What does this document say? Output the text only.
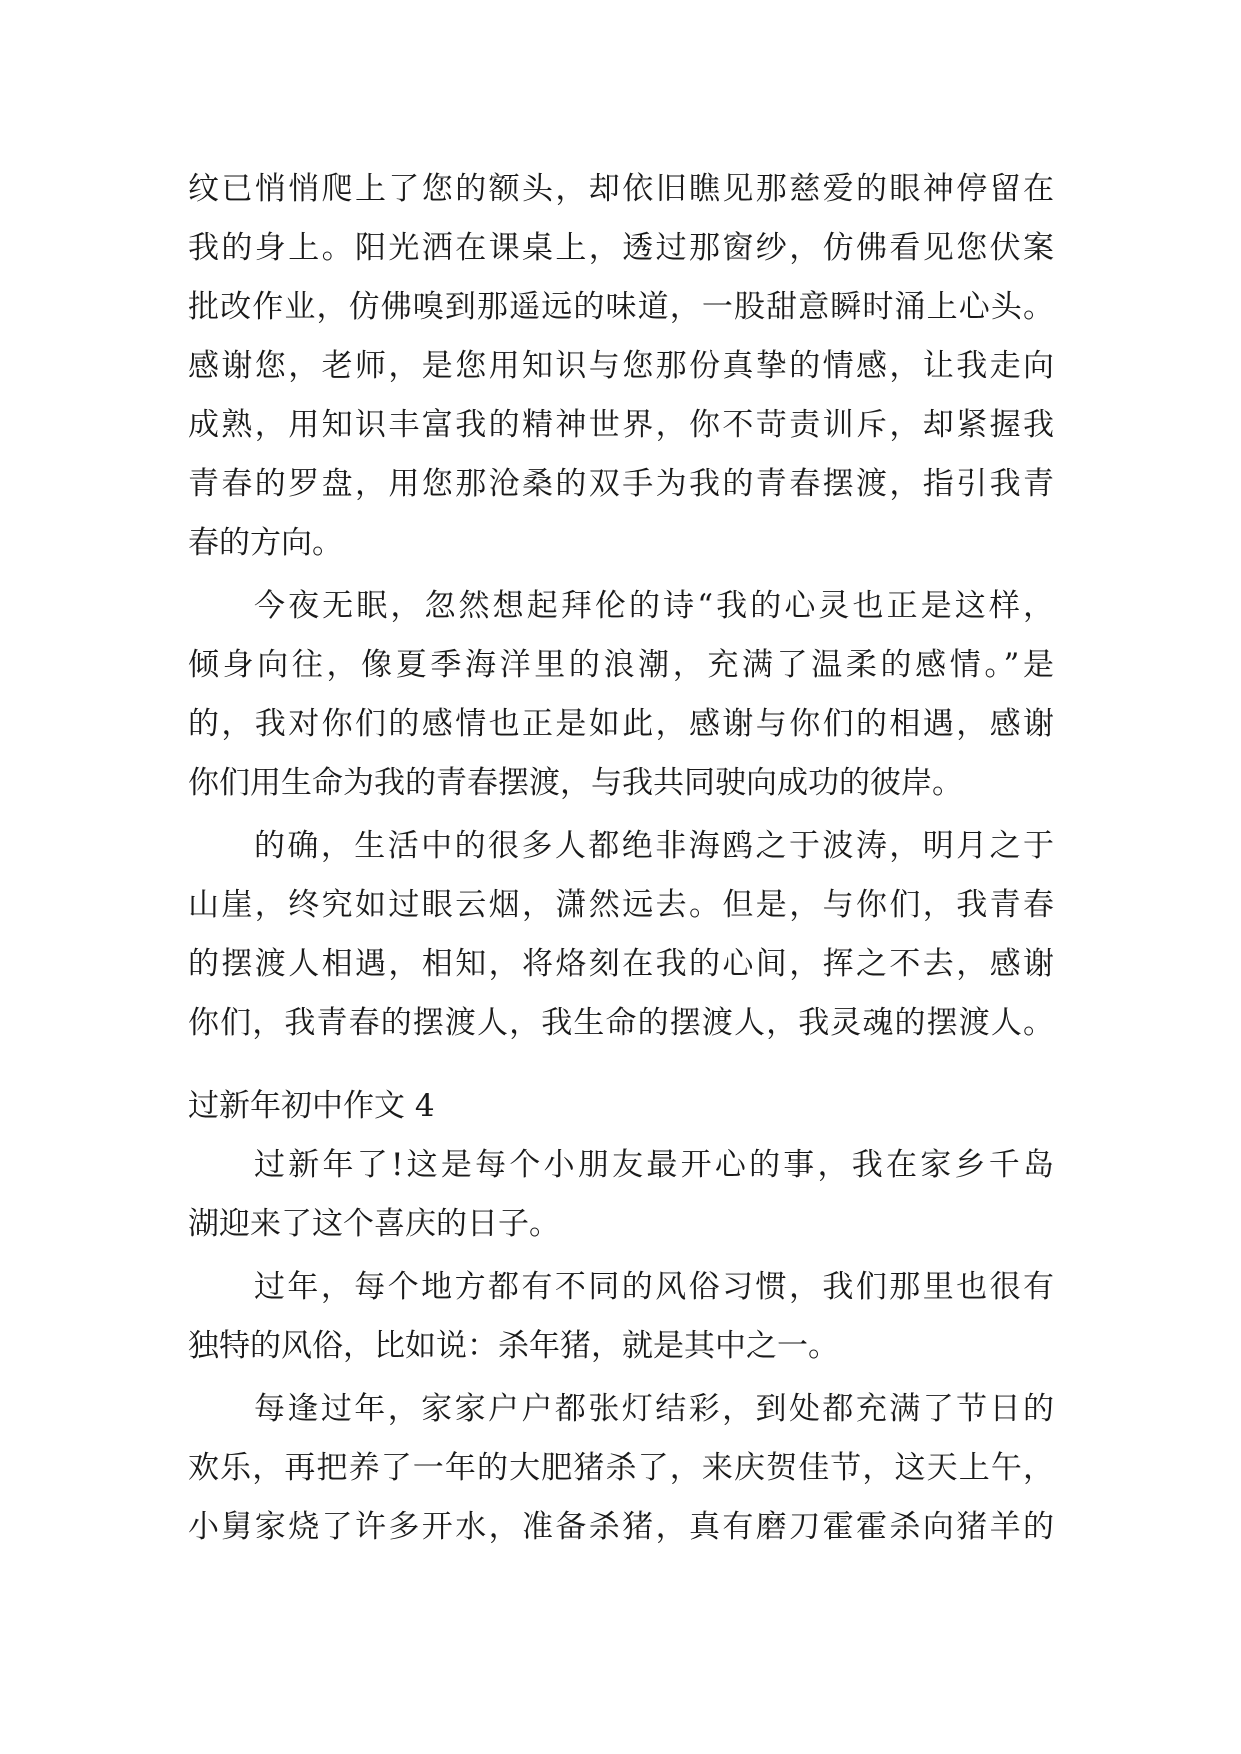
纹已悄悄爬上了您的额头，却依旧瞧见那慈爱的眼神停留在
我的身上。阳光洒在课桌上，透过那窗纱，仿佛看见您伏案
批改作业，仿佛嗅到那遥远的味道，一股甜意瞬时涌上心头。
感谢您，老师，是您用知识与您那份真挚的情感，让我走向
成熟，用知识丰富我的精神世界，你不苛责训斥，却紧握我
青春的罗盘，用您那沧桑的双手为我的青春摆渡，指引我青
春的方向。
今夜无眠，忽然想起拜伦的诗“我的心灵也正是这样，
倾身向往，像夏季海洋里的浪潮，充满了温柔的感情。”是
的，我对你们的感情也正是如此，感谢与你们的相遇，感谢
你们用生命为我的青春摆渡，与我共同驶向成功的彼岸。
的确，生活中的很多人都绝非海鸥之于波涛，明月之于
山崖，终究如过眼云烟，潇然远去。但是，与你们，我青春
的摆渡人相遇，相知，将烙刻在我的心间，挥之不去，感谢
你们，我青春的摆渡人，我生命的摆渡人，我灵魂的摆渡人。
过新年初中作文 4
过新年了!这是每个小朋友最开心的事，我在家乡千岛
湖迎来了这个喜庆的日子。
过年，每个地方都有不同的风俗习惯，我们那里也很有
独特的风俗，比如说：杀年猪，就是其中之一。
每逢过年，家家户户都张灯结彩，到处都充满了节日的
欢乐，再把养了一年的大肥猪杀了，来庆贺佳节，这天上午，
小舅家烧了许多开水，准备杀猪，真有磨刀霍霍杀向猪羊的
